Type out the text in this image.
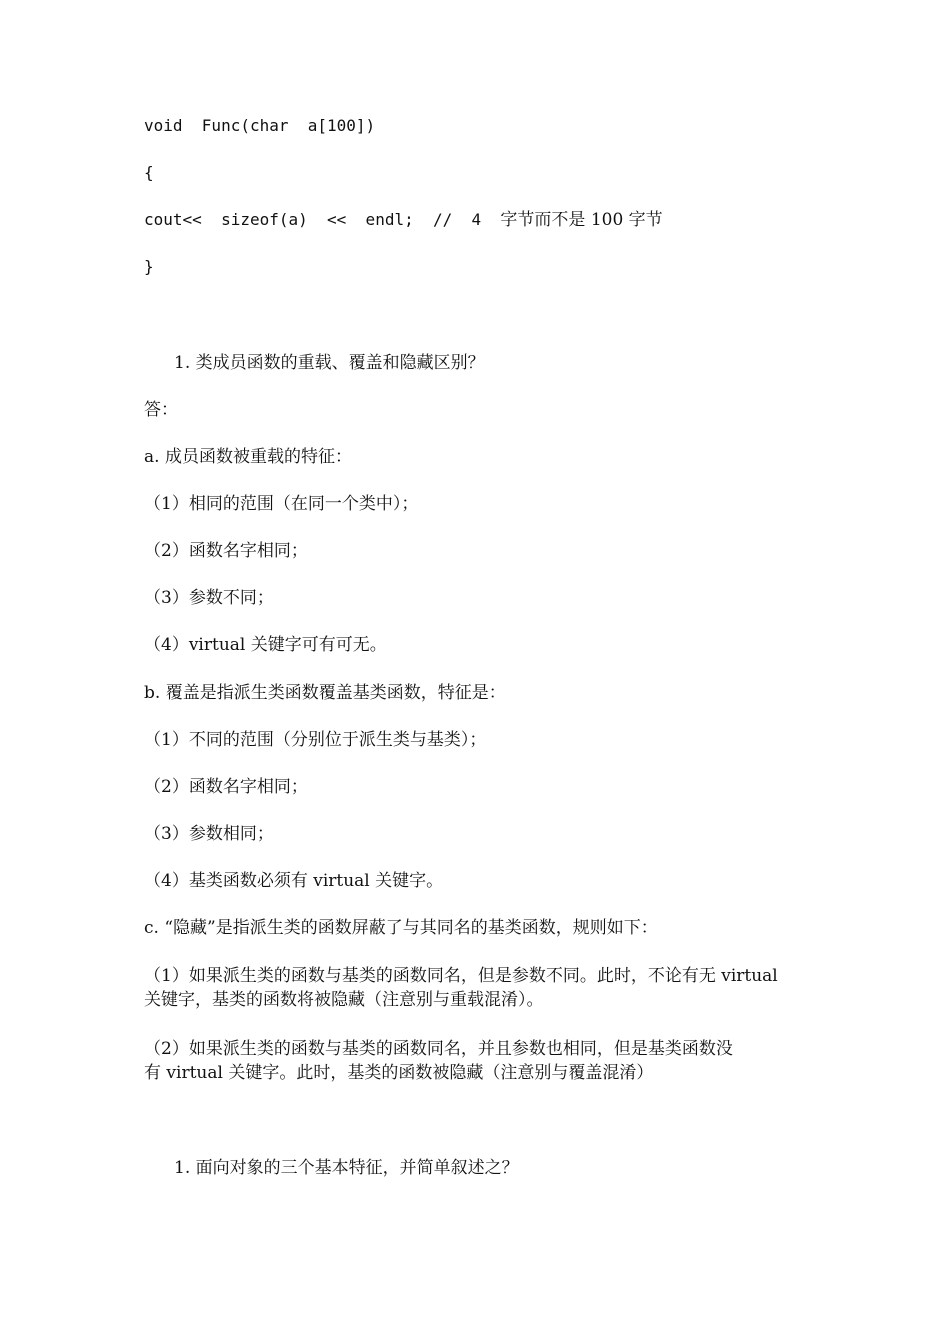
void  Func(char  a[100])
{
cout<<  sizeof(a)  <<  endl;  //  4  字节而不是 100 字节
}
1. 类成员函数的重载、覆盖和隐藏区别？
答：
a. 成员函数被重载的特征：
（1）相同的范围（在同一个类中）；
（2）函数名字相同；
（3）参数不同；
（4）virtual 关键字可有可无。
b. 覆盖是指派生类函数覆盖基类函数，特征是：
（1）不同的范围（分别位于派生类与基类）；
（2）函数名字相同；
（3）参数相同；
（4）基类函数必须有 virtual 关键字。
c. “隐藏”是指派生类的函数屏蔽了与其同名的基类函数，规则如下：
（1）如果派生类的函数与基类的函数同名，但是参数不同。此时，不论有无 virtual
关键字，基类的函数将被隐藏（注意别与重载混淆）。
（2）如果派生类的函数与基类的函数同名，并且参数也相同，但是基类函数没
有 virtual 关键字。此时，基类的函数被隐藏（注意别与覆盖混淆）
1. 面向对象的三个基本特征，并简单叙述之？
